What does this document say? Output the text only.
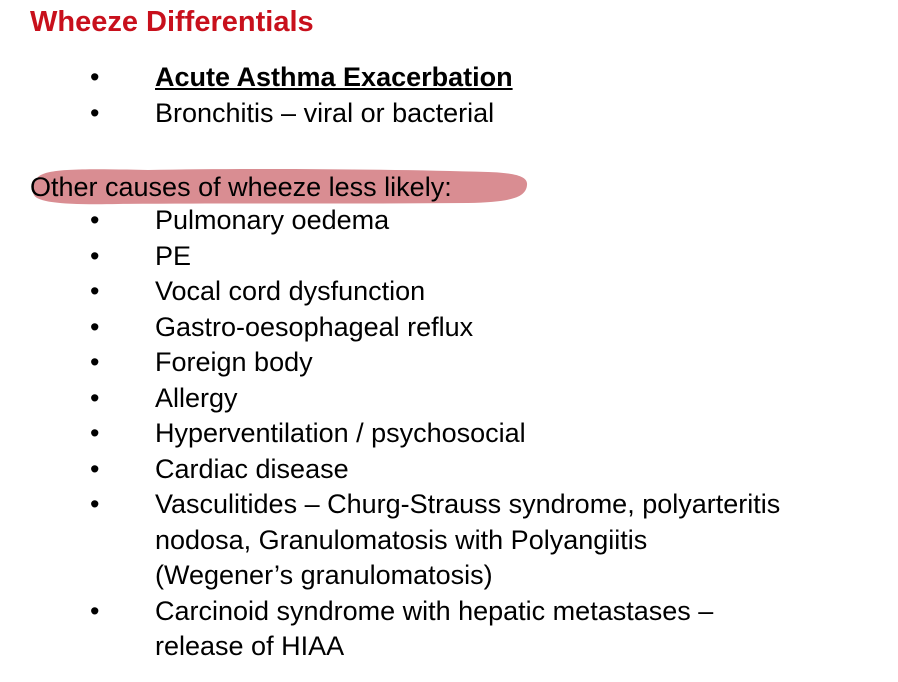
Wheeze Differentials
•	Acute Asthma Exacerbation
•	Bronchitis – viral or bacterial
Other causes of wheeze less likely:
•	Pulmonary oedema
•	PE
•	Vocal cord dysfunction
•	Gastro-oesophageal reflux
•	Foreign body
•	Allergy
•	Hyperventilation / psychosocial
•	Cardiac disease
•	Vasculitides – Churg-Strauss syndrome, polyarteritis
nodosa, Granulomatosis with Polyangiitis
(Wegener’s granulomatosis)
•	Carcinoid syndrome with hepatic metastases –
release of HIAA
